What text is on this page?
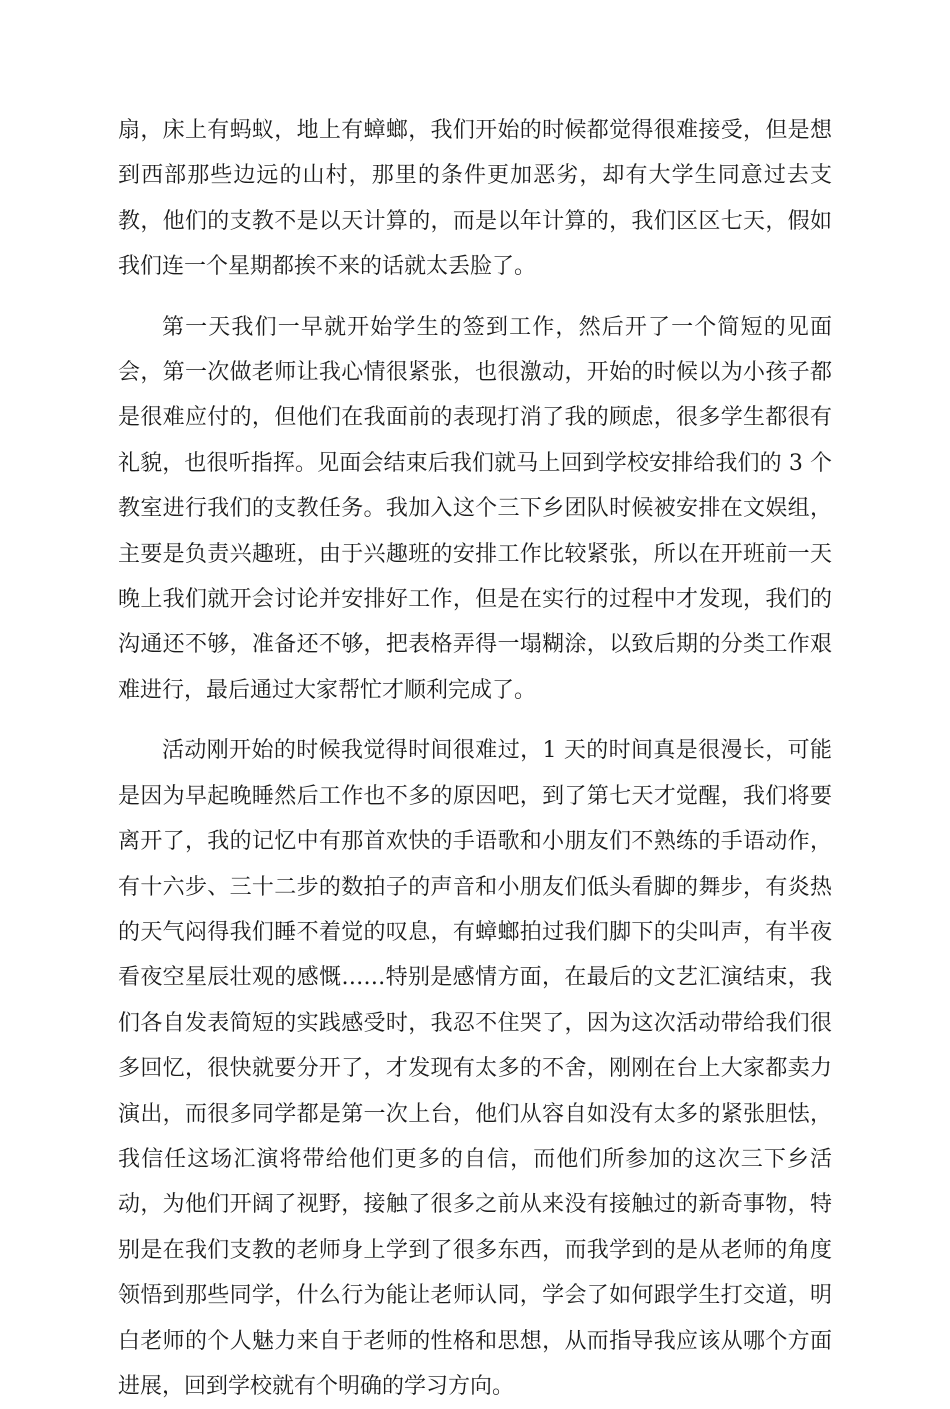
扇，床上有蚂蚁，地上有蟑螂，我们开始的时候都觉得很难接受，但是想到西部那些边远的山村，那里的条件更加恶劣，却有大学生同意过去支教，他们的支教不是以天计算的，而是以年计算的，我们区区七天，假如我们连一个星期都挨不来的话就太丢脸了。

第一天我们一早就开始学生的签到工作，然后开了一个简短的见面会，第一次做老师让我心情很紧张，也很激动，开始的时候以为小孩子都是很难应付的，但他们在我面前的表现打消了我的顾虑，很多学生都很有礼貌，也很听指挥。见面会结束后我们就马上回到学校安排给我们的 3 个教室进行我们的支教任务。我加入这个三下乡团队时候被安排在文娱组，主要是负责兴趣班，由于兴趣班的安排工作比较紧张，所以在开班前一天晚上我们就开会讨论并安排好工作，但是在实行的过程中才发现，我们的沟通还不够，准备还不够，把表格弄得一塌糊涂，以致后期的分类工作艰难进行，最后通过大家帮忙才顺利完成了。

活动刚开始的时候我觉得时间很难过，1 天的时间真是很漫长，可能是因为早起晚睡然后工作也不多的原因吧，到了第七天才觉醒，我们将要离开了，我的记忆中有那首欢快的手语歌和小朋友们不熟练的手语动作，有十六步、三十二步的数拍子的声音和小朋友们低头看脚的舞步，有炎热的天气闷得我们睡不着觉的叹息，有蟑螂拍过我们脚下的尖叫声，有半夜看夜空星辰壮观的感慨……特别是感情方面，在最后的文艺汇演结束，我们各自发表简短的实践感受时，我忍不住哭了，因为这次活动带给我们很多回忆，很快就要分开了，才发现有太多的不舍，刚刚在台上大家都卖力演出，而很多同学都是第一次上台，他们从容自如没有太多的紧张胆怯，我信任这场汇演将带给他们更多的自信，而他们所参加的这次三下乡活动，为他们开阔了视野，接触了很多之前从来没有接触过的新奇事物，特别是在我们支教的老师身上学到了很多东西，而我学到的是从老师的角度领悟到那些同学，什么行为能让老师认同，学会了如何跟学生打交道，明白老师的个人魅力来自于老师的性格和思想，从而指导我应该从哪个方面进展，回到学校就有个明确的学习方向。
